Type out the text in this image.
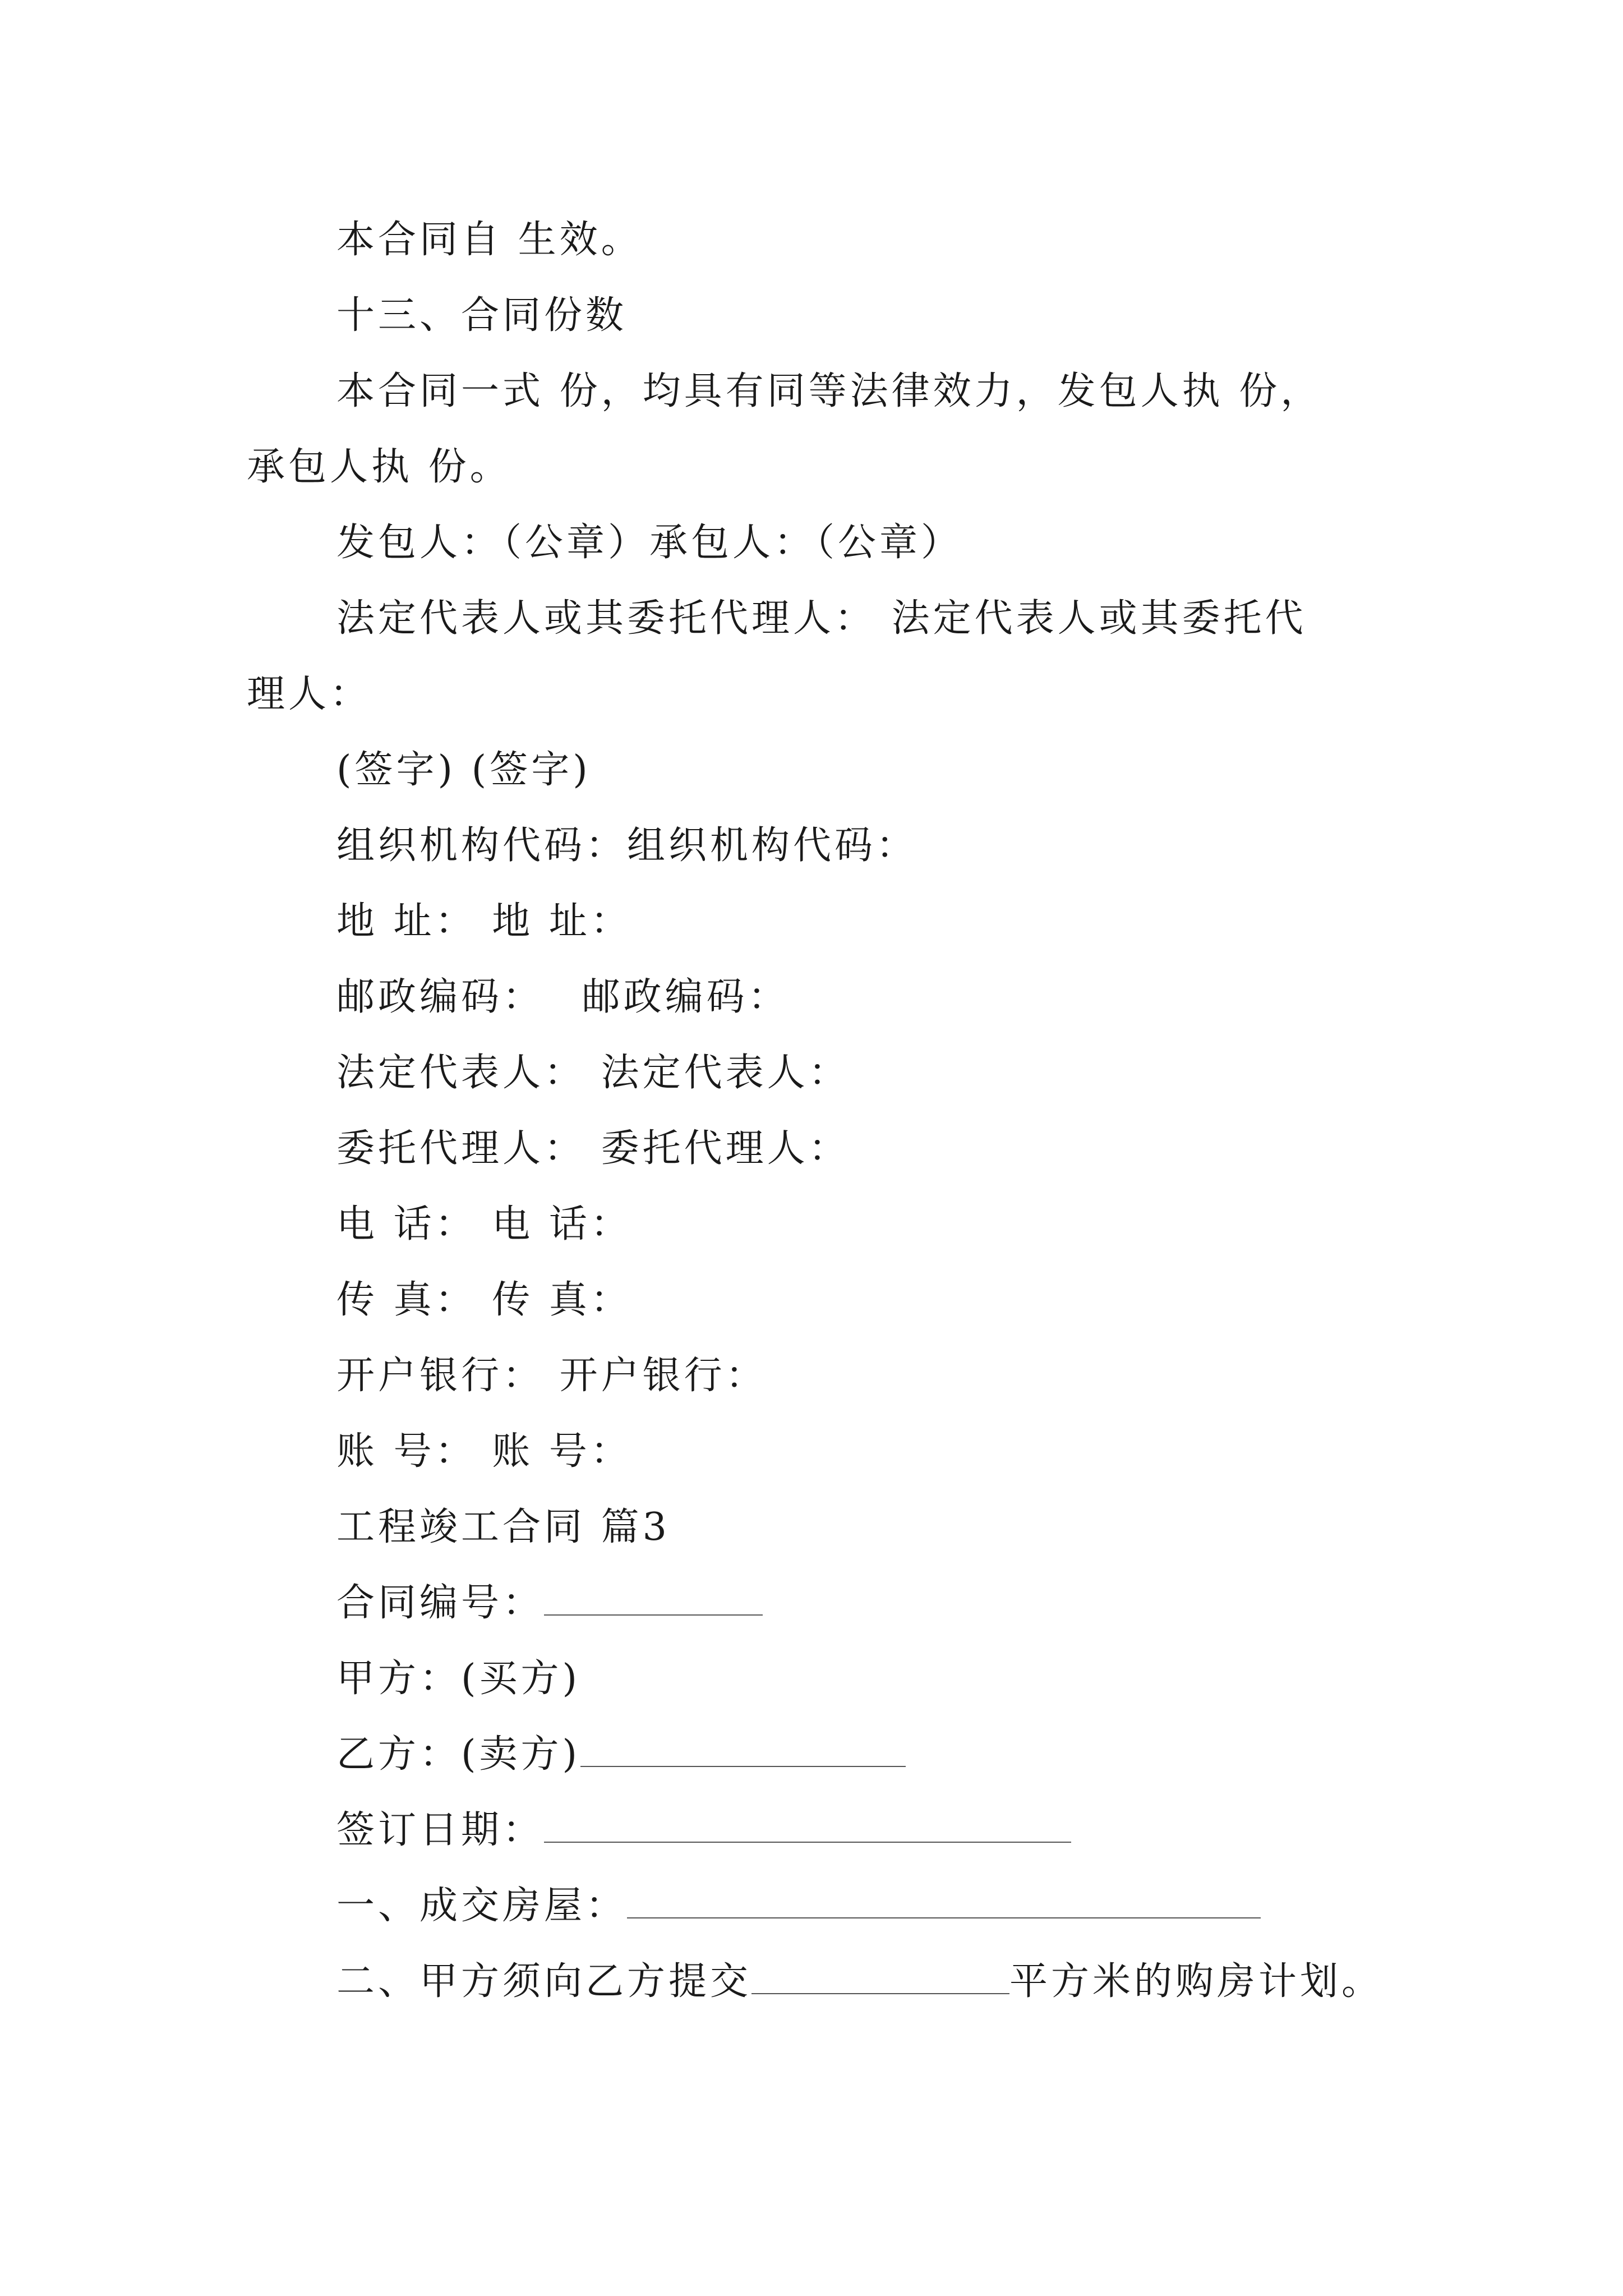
本合同自 生效。
十三、合同份数
本合同一式 份，均具有同等法律效力，发包人执 份，
承包人执 份。
发包人：（公章）承包人：（公章）
法定代表人或其委托代理人： 法定代表人或其委托代
理人：
(签字) (签字)
组织机构代码：组织机构代码：
地 址： 地 址：
邮政编码：　 邮政编码：
法定代表人： 法定代表人：
委托代理人： 委托代理人：
电 话： 电 话：
传 真： 传 真：
开户银行： 开户银行：
账 号： 账 号：
工程竣工合同 篇3
合同编号：
甲方：(买方)
乙方：(卖方)
签订日期：
一、成交房屋：
二、甲方须向乙方提交	平方米的购房计划。
